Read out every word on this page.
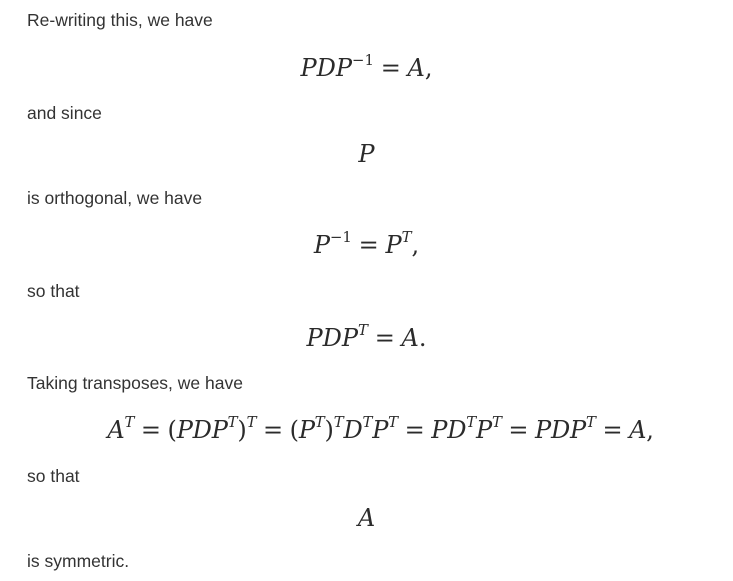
Re-writing this, we have

$PDP^{-1} = A$,

and since

P

is orthogonal, we have

$P^{-1} = P^T$,

so that

$PDP^T = A$.

Taking transposes, we have

$A^T = (PDP^T)^T = (P^T)^TD^TP^T = PD^TP^T = PDP^T = A$,

so that

A

is symmetric.
